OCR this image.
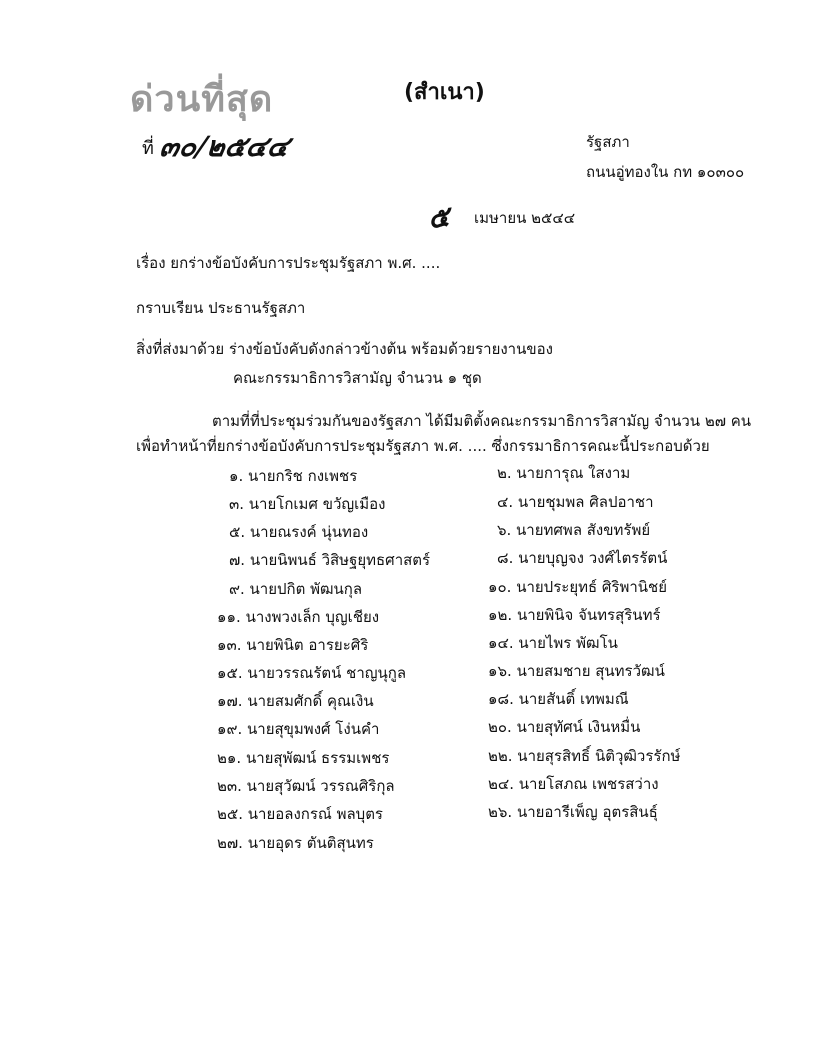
ด่วนที่สุด	(สำเนา)
ที่ ๓๐/๒๕๔๔	รัฐสภา
ถนนอู่ทองใน กท ๑๐๓๐๐
๕ เมษายน ๒๕๔๔
เรื่อง ยกร่างข้อบังคับการประชุมรัฐสภา พ.ศ. ....
กราบเรียน ประธานรัฐสภา
สิ่งที่ส่งมาด้วย ร่างข้อบังคับดังกล่าวข้างต้น พร้อมด้วยรายงานของ
คณะกรรมาธิการวิสามัญ จำนวน ๑ ชุด
ตามที่ที่ประชุมร่วมกันของรัฐสภา ได้มีมติตั้งคณะกรรมาธิการวิสามัญ จำนวน ๒๗ คน
เพื่อทำหน้าที่ยกร่างข้อบังคับการประชุมรัฐสภา พ.ศ. .... ซึ่งกรรมาธิการคณะนี้ประกอบด้วย
๑. นายกริช กงเพชร	๒. นายการุณ ใสงาม
๓. นายโกเมศ ขวัญเมือง	๔. นายชุมพล ศิลปอาชา
๕. นายณรงค์ นุ่นทอง	๖. นายทศพล สังขทรัพย์
๗. นายนิพนธ์ วิสิษฐยุทธศาสตร์	๘. นายบุญจง วงศ์ไตรรัตน์
๙. นายปกิต พัฒนกุล	๑๐. นายประยุทธ์ ศิริพานิชย์
๑๑. นางพวงเล็ก บุญเชียง	๑๒. นายพินิจ จันทรสุรินทร์
๑๓. นายพินิต อารยะศิริ	๑๔. นายไพร พัฒโน
๑๕. นายวรรณรัตน์ ชาญนุกูล	๑๖. นายสมชาย สุนทรวัฒน์
๑๗. นายสมศักดิ์ คุณเงิน	๑๘. นายสันติ์ เทพมณี
๑๙. นายสุขุมพงศ์ โง่นคำ	๒๐. นายสุทัศน์ เงินหมื่น
๒๑. นายสุพัฒน์ ธรรมเพชร	๒๒. นายสุรสิทธิ์ นิติวุฒิวรรักษ์
๒๓. นายสุวัฒน์ วรรณศิริกุล	๒๔. นายโสภณ เพชรสว่าง
๒๕. นายอลงกรณ์ พลบุตร	๒๖. นายอารีเพ็ญ อุตรสินธุ์
๒๗. นายอุดร ตันติสุนทร
